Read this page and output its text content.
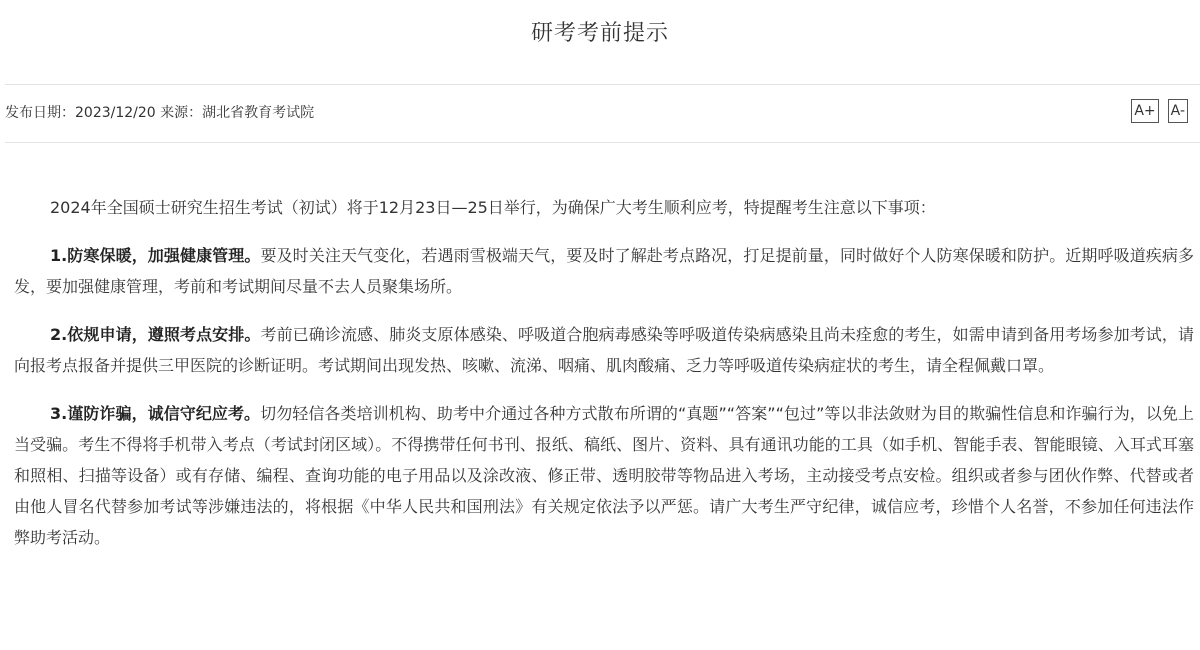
研考考前提示
发布日期：2023/12/20 来源：湖北省教育考试院	A+ A-

2024年全国硕士研究生招生考试（初试）将于12月23日—25日举行，为确保广大考生顺利应考，特提醒考生注意以下事项：

1.防寒保暖，加强健康管理。要及时关注天气变化，若遇雨雪极端天气，要及时了解赴考点路况，打足提前量，同时做好个人防寒保暖和防护。近期呼吸道疾病多发，要加强健康管理，考前和考试期间尽量不去人员聚集场所。

2.依规申请，遵照考点安排。考前已确诊流感、肺炎支原体感染、呼吸道合胞病毒感染等呼吸道传染病感染且尚未痊愈的考生，如需申请到备用考场参加考试，请向报考点报备并提供三甲医院的诊断证明。考试期间出现发热、咳嗽、流涕、咽痛、肌肉酸痛、乏力等呼吸道传染病症状的考生，请全程佩戴口罩。

3.谨防诈骗，诚信守纪应考。切勿轻信各类培训机构、助考中介通过各种方式散布所谓的“真题”“答案”“包过”等以非法敛财为目的欺骗性信息和诈骗行为，以免上当受骗。考生不得将手机带入考点（考试封闭区域）。不得携带任何书刊、报纸、稿纸、图片、资料、具有通讯功能的工具（如手机、智能手表、智能眼镜、入耳式耳塞和照相、扫描等设备）或有存储、编程、查询功能的电子用品以及涂改液、修正带、透明胶带等物品进入考场，主动接受考点安检。组织或者参与团伙作弊、代替或者由他人冒名代替参加考试等涉嫌违法的，将根据《中华人民共和国刑法》有关规定依法予以严惩。请广大考生严守纪律，诚信应考，珍惜个人名誉，不参加任何违法作弊助考活动。
